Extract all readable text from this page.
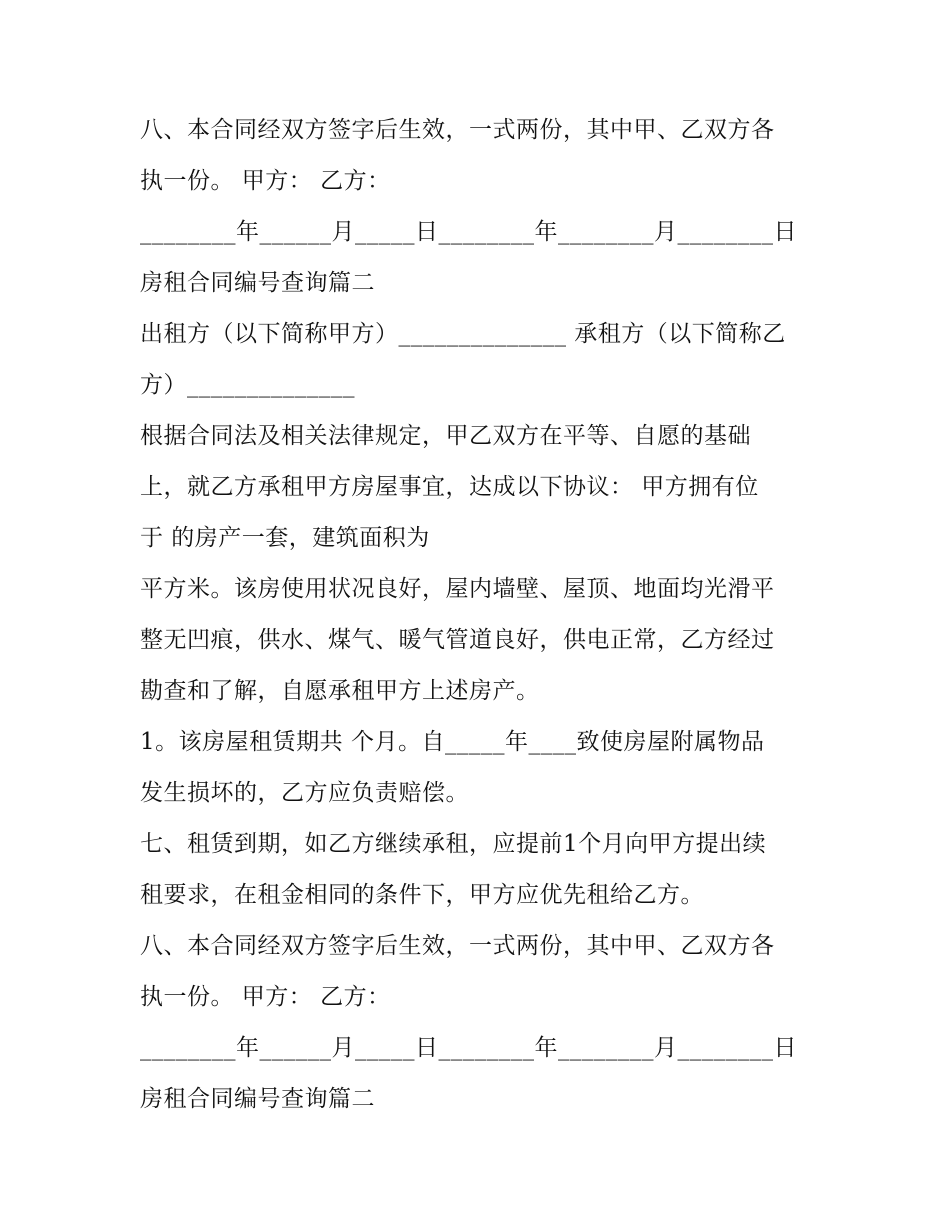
八、本合同经双方签字后生效，一式两份，其中甲、乙双方各
执一份。 甲方： 乙方：
________年______月_____日________年________月________日
房租合同编号查询篇二
出租方（以下简称甲方）______________ 承租方（以下简称乙
方）______________
根据合同法及相关法律规定，甲乙双方在平等、自愿的基础
上，就乙方承租甲方房屋事宜，达成以下协议： 甲方拥有位
于 的房产一套，建筑面积为
平方米。该房使用状况良好，屋内墙壁、屋顶、地面均光滑平
整无凹痕，供水、煤气、暖气管道良好，供电正常，乙方经过
勘查和了解，自愿承租甲方上述房产。
1。该房屋租赁期共 个月。自_____年____致使房屋附属物品
发生损坏的，乙方应负责赔偿。
七、租赁到期，如乙方继续承租，应提前1个月向甲方提出续
租要求，在租金相同的条件下，甲方应优先租给乙方。
八、本合同经双方签字后生效，一式两份，其中甲、乙双方各
执一份。 甲方： 乙方：
________年______月_____日________年________月________日
房租合同编号查询篇二
